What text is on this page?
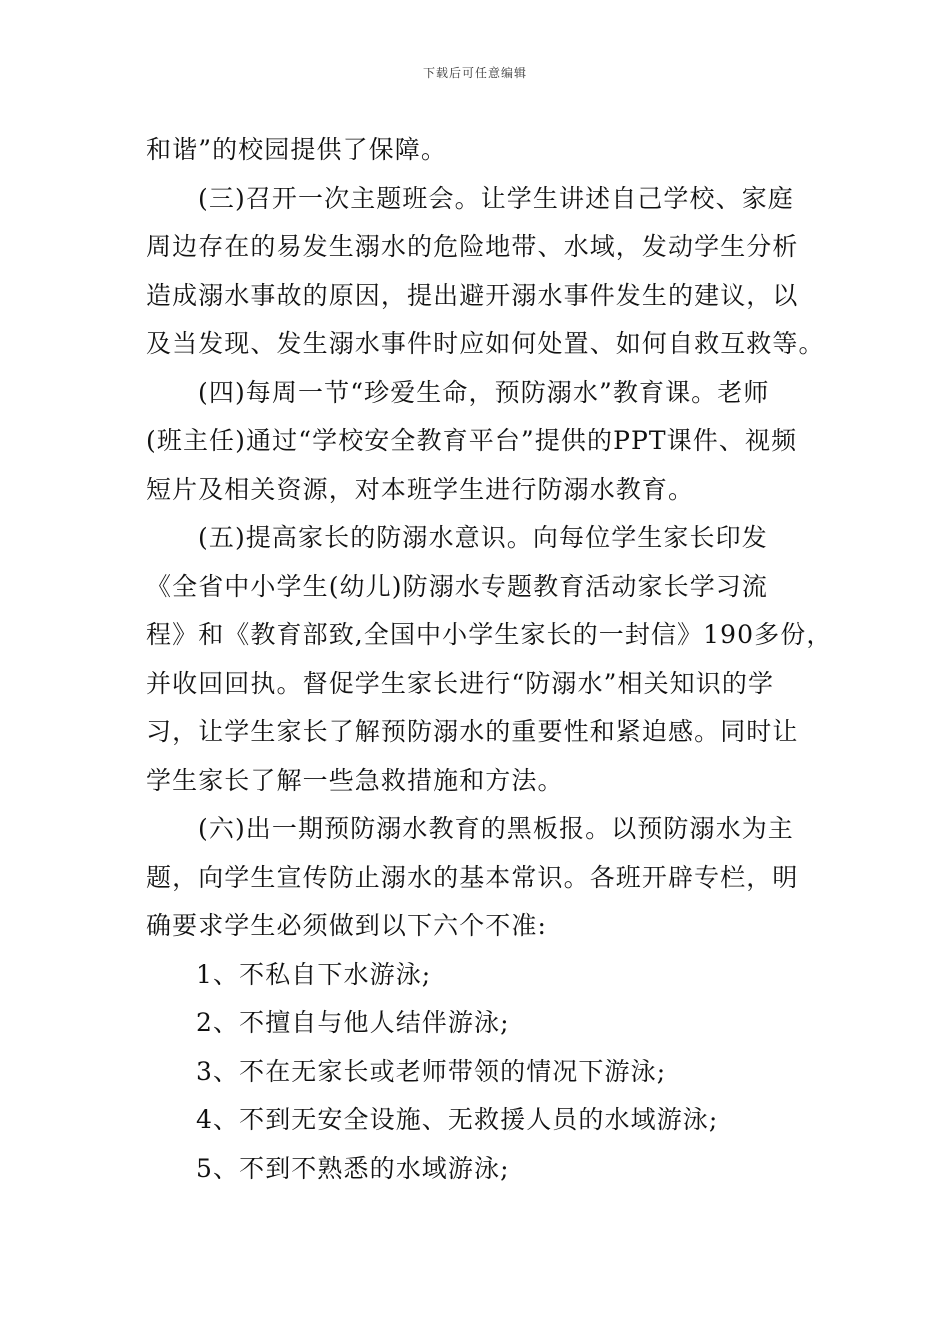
下载后可任意编辑
和谐”的校园提供了保障。
(三)召开一次主题班会。让学生讲述自己学校、家庭
周边存在的易发生溺水的危险地带、水域，发动学生分析
造成溺水事故的原因，提出避开溺水事件发生的建议，以
及当发现、发生溺水事件时应如何处置、如何自救互救等。
(四)每周一节“珍爱生命，预防溺水”教育课。老师
(班主任)通过“学校安全教育平台”提供的PPT课件、视频
短片及相关资源，对本班学生进行防溺水教育。
(五)提高家长的防溺水意识。向每位学生家长印发
《全省中小学生(幼儿)防溺水专题教育活动家长学习流
程》和《教育部致,全国中小学生家长的一封信》190多份，
并收回回执。督促学生家长进行“防溺水”相关知识的学
习，让学生家长了解预防溺水的重要性和紧迫感。同时让
学生家长了解一些急救措施和方法。
(六)出一期预防溺水教育的黑板报。以预防溺水为主
题，向学生宣传防止溺水的基本常识。各班开辟专栏，明
确要求学生必须做到以下六个不准:
1、不私自下水游泳;
2、不擅自与他人结伴游泳;
3、不在无家长或老师带领的情况下游泳;
4、不到无安全设施、无救援人员的水域游泳;
5、不到不熟悉的水域游泳;
